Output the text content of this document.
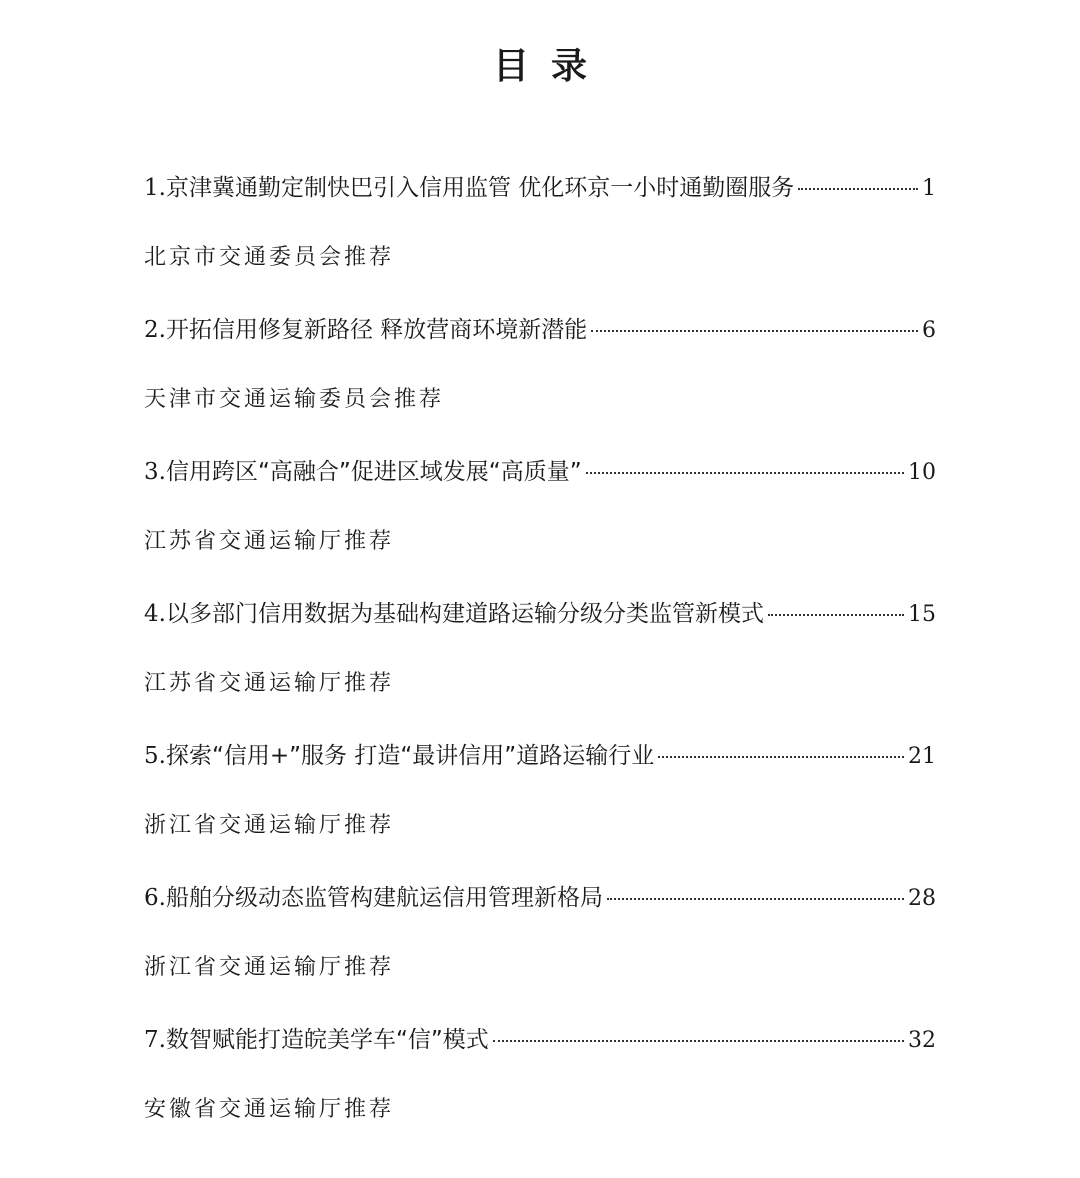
目录
1. 京津冀通勤定制快巴引入信用监管 优化环京一小时通勤圈服务	1
北京市交通委员会推荐
2. 开拓信用修复新路径 释放营商环境新潜能	6
天津市交通运输委员会推荐
3. 信用跨区“高融合”促进区域发展“高质量”	10
江苏省交通运输厅推荐
4. 以多部门信用数据为基础构建道路运输分级分类监管新模式	15
江苏省交通运输厅推荐
5. 探索“信用+”服务 打造“最讲信用”道路运输行业	21
浙江省交通运输厅推荐
6. 船舶分级动态监管构建航运信用管理新格局	28
浙江省交通运输厅推荐
7. 数智赋能打造皖美学车“信”模式	32
安徽省交通运输厅推荐
